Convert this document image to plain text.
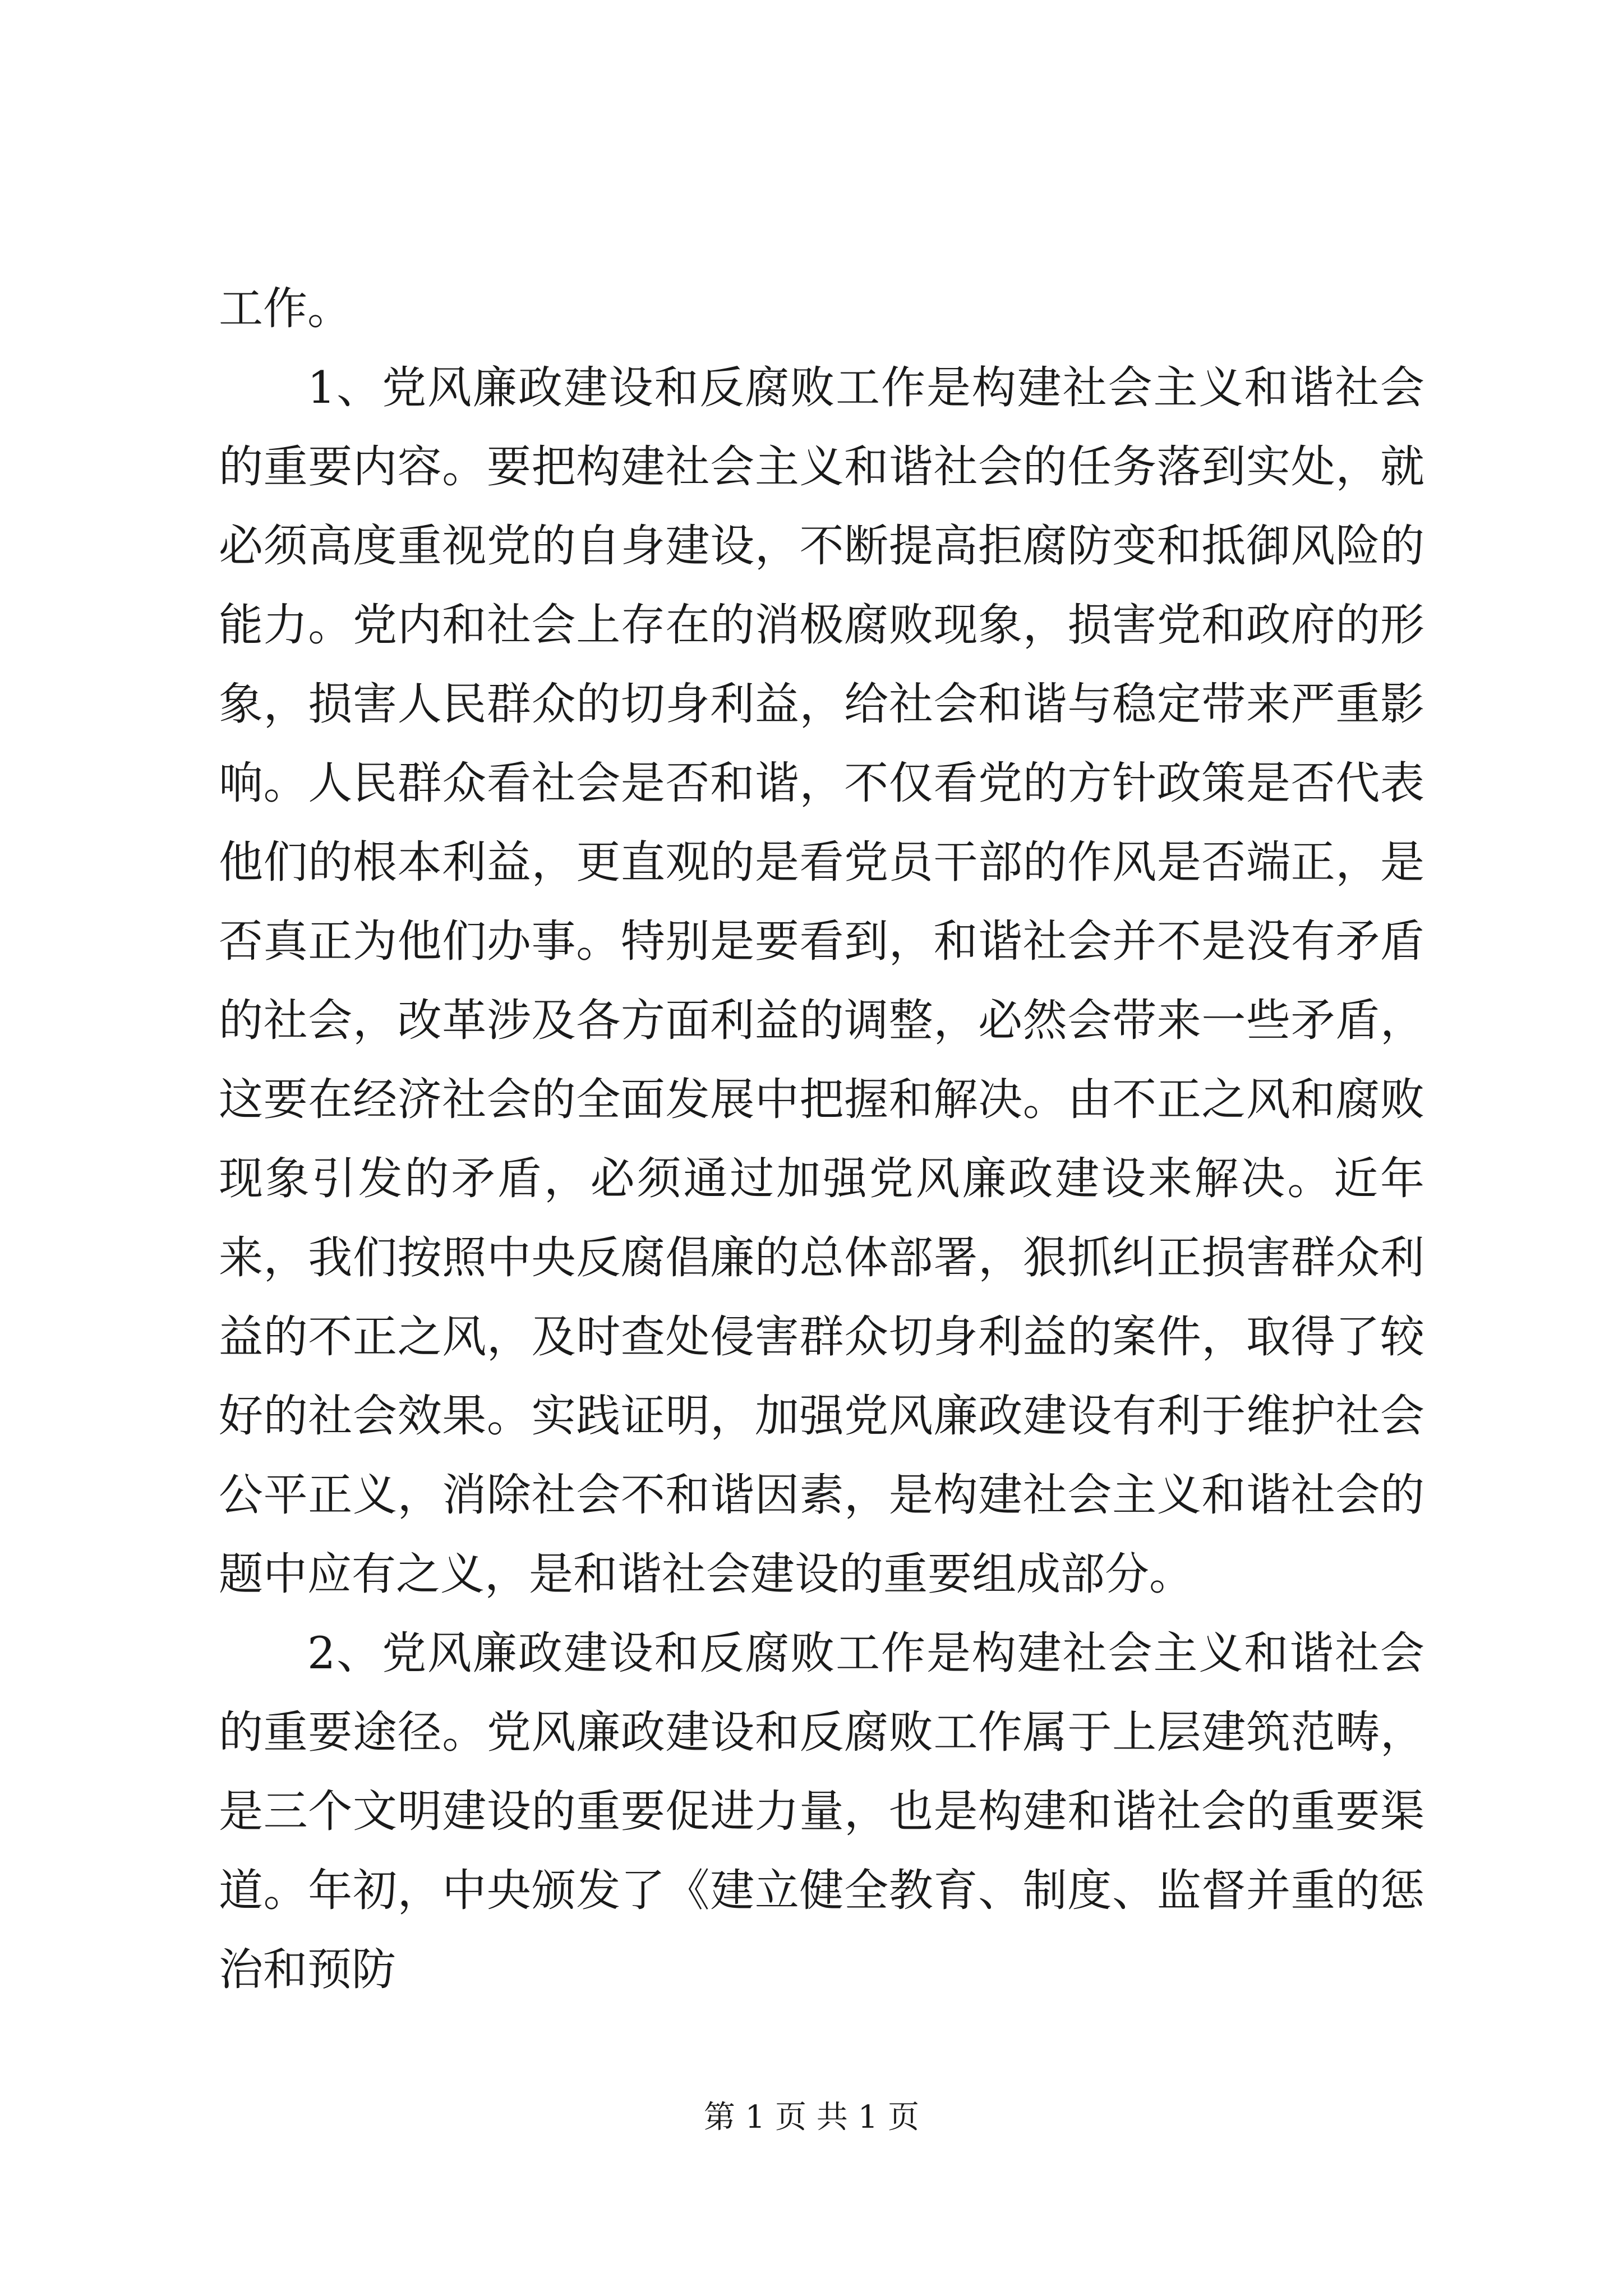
工作。

1、党风廉政建设和反腐败工作是构建社会主义和谐社会的重要内容。要把构建社会主义和谐社会的任务落到实处，就必须高度重视党的自身建设，不断提高拒腐防变和抵御风险的能力。党内和社会上存在的消极腐败现象，损害党和政府的形象，损害人民群众的切身利益，给社会和谐与稳定带来严重影响。人民群众看社会是否和谐，不仅看党的方针政策是否代表他们的根本利益，更直观的是看党员干部的作风是否端正，是否真正为他们办事。特别是要看到，和谐社会并不是没有矛盾的社会，改革涉及各方面利益的调整，必然会带来一些矛盾，这要在经济社会的全面发展中把握和解决。由不正之风和腐败现象引发的矛盾，必须通过加强党风廉政建设来解决。近年来，我们按照中央反腐倡廉的总体部署，狠抓纠正损害群众利益的不正之风，及时查处侵害群众切身利益的案件，取得了较好的社会效果。实践证明，加强党风廉政建设有利于维护社会公平正义，消除社会不和谐因素，是构建社会主义和谐社会的题中应有之义，是和谐社会建设的重要组成部分。

2、党风廉政建设和反腐败工作是构建社会主义和谐社会的重要途径。党风廉政建设和反腐败工作属于上层建筑范畴，是三个文明建设的重要促进力量，也是构建和谐社会的重要渠道。年初，中央颁发了《建立健全教育、制度、监督并重的惩治和预防

第 1 页 共 1 页
